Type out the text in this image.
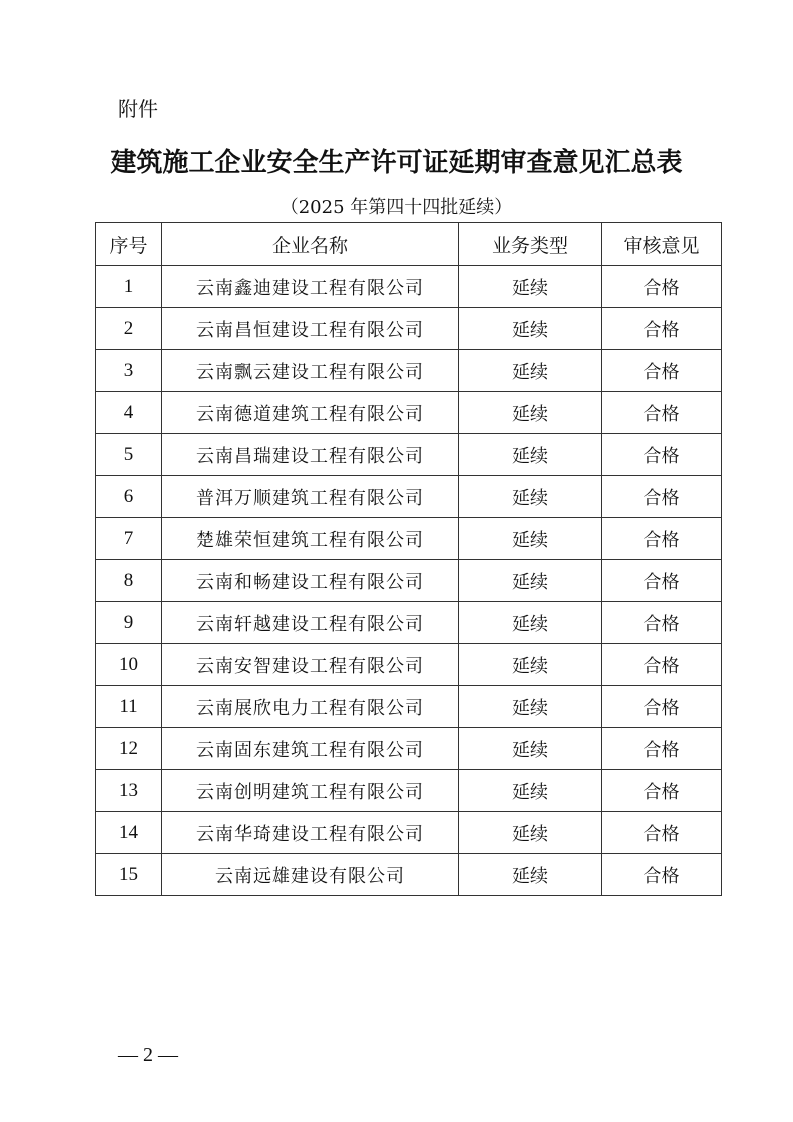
附件
建筑施工企业安全生产许可证延期审查意见汇总表
（2025 年第四十四批延续）
序号	企业名称	业务类型	审核意见
1	云南鑫迪建设工程有限公司	延续	合格
2	云南昌恒建设工程有限公司	延续	合格
3	云南飘云建设工程有限公司	延续	合格
4	云南德道建筑工程有限公司	延续	合格
5	云南昌瑞建设工程有限公司	延续	合格
6	普洱万顺建筑工程有限公司	延续	合格
7	楚雄荣恒建筑工程有限公司	延续	合格
8	云南和畅建设工程有限公司	延续	合格
9	云南轩越建设工程有限公司	延续	合格
10	云南安智建设工程有限公司	延续	合格
11	云南展欣电力工程有限公司	延续	合格
12	云南固东建筑工程有限公司	延续	合格
13	云南创明建筑工程有限公司	延续	合格
14	云南华琦建设工程有限公司	延续	合格
15	云南远雄建设有限公司	延续	合格
— 2 —
